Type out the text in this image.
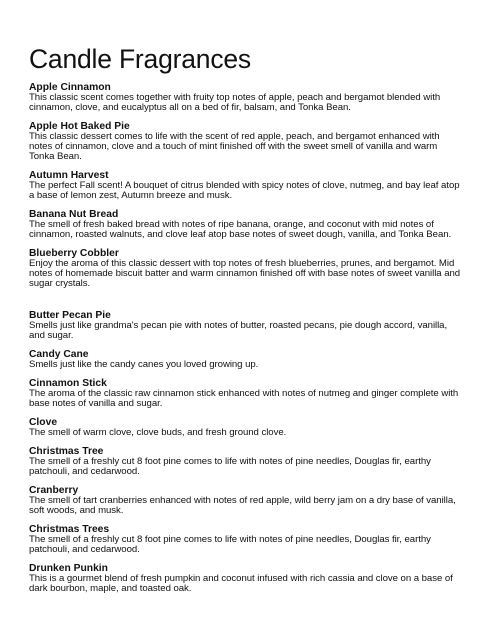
Candle Fragrances

Apple Cinnamon

This classic scent comes together with fruity top notes of apple, peach and bergamot blended with cinnamon, clove, and eucalyptus all on a bed of fir, balsam, and Tonka Bean.

Apple Hot Baked Pie

This classic dessert comes to life with the scent of red apple, peach, and bergamot enhanced with notes of cinnamon, clove and a touch of mint finished off with the sweet smell of vanilla and warm Tonka Bean.

Autumn Harvest

The perfect Fall scent! A bouquet of citrus blended with spicy notes of clove, nutmeg, and bay leaf atop a base of lemon zest, Autumn breeze and musk.

Banana Nut Bread

The smell of fresh baked bread with notes of ripe banana, orange, and coconut with mid notes of cinnamon, roasted walnuts, and clove leaf atop base notes of sweet dough, vanilla, and Tonka Bean.

Blueberry Cobbler

Enjoy the aroma of this classic dessert with top notes of fresh blueberries, prunes, and bergamot. Mid notes of homemade biscuit batter and warm cinnamon finished off with base notes of sweet vanilla and sugar crystals.

Butter Pecan Pie

Smells just like grandma's pecan pie with notes of butter, roasted pecans, pie dough accord, vanilla, and sugar.

Candy Cane

Smells just like the candy canes you loved growing up.

Cinnamon Stick

The aroma of the classic raw cinnamon stick enhanced with notes of nutmeg and ginger complete with base notes of vanilla and sugar.

Clove

The smell of warm clove, clove buds, and fresh ground clove.

Christmas Tree

The smell of a freshly cut 8 foot pine comes to life with notes of pine needles, Douglas fir, earthy patchouli, and cedarwood.

Cranberry

The smell of tart cranberries enhanced with notes of red apple, wild berry jam on a dry base of vanilla, soft woods, and musk.

Christmas Trees

The smell of a freshly cut 8 foot pine comes to life with notes of pine needles, Douglas fir, earthy patchouli, and cedarwood.

Drunken Punkin

This is a gourmet blend of fresh pumpkin and coconut infused with rich cassia and clove on a base of dark bourbon, maple, and toasted oak.
